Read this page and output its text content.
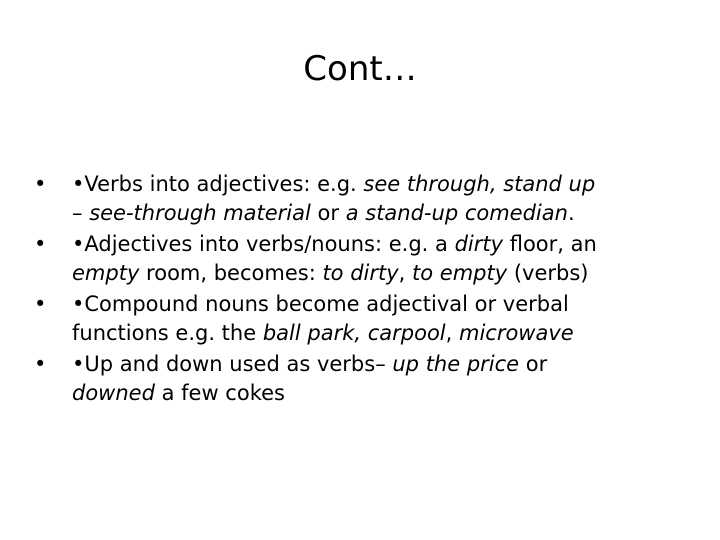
Cont…
• •Verbs into adjectives: e.g. see through, stand up
– see-through material or a stand-up comedian.
• •Adjectives into verbs/nouns: e.g. a dirty floor, an
empty room, becomes: to dirty, to empty (verbs)
• •Compound nouns become adjectival or verbal
functions e.g. the ball park, carpool, microwave
• •Up and down used as verbs– up the price or
downed a few cokes
